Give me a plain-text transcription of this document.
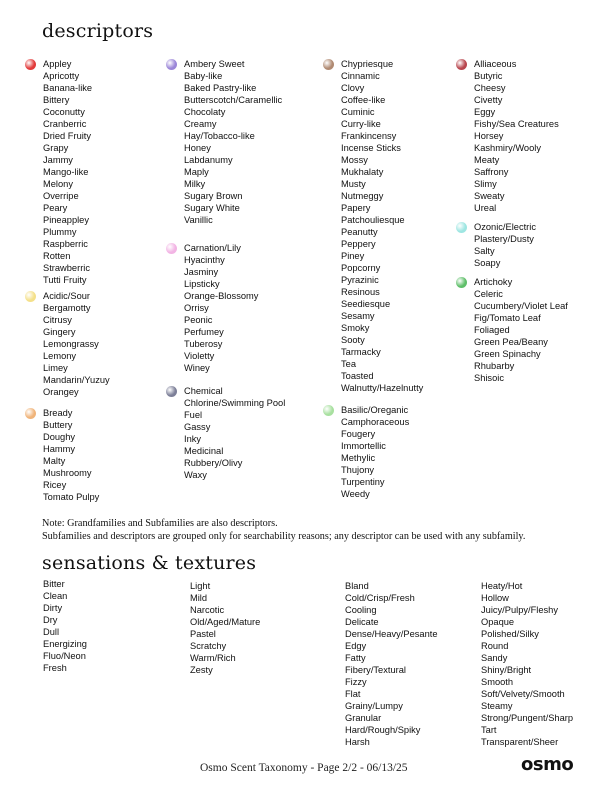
descriptors
Appley
Apricotty
Banana-like
Bittery
Coconutty
Cranberric
Dried Fruity
Grapy
Jammy
Mango-like
Melony
Overripe
Peary
Pineappley
Plummy
Raspberric
Rotten
Strawberric
Tutti Fruity
Acidic/Sour
Bergamotty
Citrusy
Gingery
Lemongrassy
Lemony
Limey
Mandarin/Yuzuy
Orangey
Bready
Buttery
Doughy
Hammy
Malty
Mushroomy
Ricey
Tomato Pulpy
Ambery Sweet
Baby-like
Baked Pastry-like
Butterscotch/Caramellic
Chocolaty
Creamy
Hay/Tobacco-like
Honey
Labdanumy
Maply
Milky
Sugary Brown
Sugary White
Vanillic
Carnation/Lily
Hyacinthy
Jasminy
Lipsticky
Orange-Blossomy
Orrisy
Peonic
Perfumey
Tuberosy
Violetty
Winey
Chemical
Chlorine/Swimming Pool
Fuel
Gassy
Inky
Medicinal
Rubbery/Olivy
Waxy
Chypriesque
Cinnamic
Clovy
Coffee-like
Cuminic
Curry-like
Frankincensy
Incense Sticks
Mossy
Mukhalaty
Musty
Nutmeggy
Papery
Patchouliesque
Peanutty
Peppery
Piney
Popcorny
Pyrazinic
Resinous
Seediesque
Sesamy
Smoky
Sooty
Tarmacky
Tea
Toasted
Walnutty/Hazelnutty
Basilic/Oreganic
Camphoraceous
Fougery
Immortellic
Methylic
Thujony
Turpentiny
Weedy
Alliaceous
Butyric
Cheesy
Civetty
Eggy
Fishy/Sea Creatures
Horsey
Kashmiry/Wooly
Meaty
Saffrony
Slimy
Sweaty
Ureal
Ozonic/Electric
Plastery/Dusty
Salty
Soapy
Artichoky
Celeric
Cucumbery/Violet Leaf
Fig/Tomato Leaf
Foliaged
Green Pea/Beany
Green Spinachy
Rhubarby
Shisoic
Note: Grandfamilies and Subfamilies are also descriptors.
Subfamilies and descriptors are grouped only for searchability reasons; any descriptor can be used with any subfamily.
sensations & textures
Bitter
Clean
Dirty
Dry
Dull
Energizing
Fluo/Neon
Fresh
Light
Mild
Narcotic
Old/Aged/Mature
Pastel
Scratchy
Warm/Rich
Zesty
Bland
Cold/Crisp/Fresh
Cooling
Delicate
Dense/Heavy/Pesante
Edgy
Fatty
Fibery/Textural
Fizzy
Flat
Grainy/Lumpy
Granular
Hard/Rough/Spiky
Harsh
Heaty/Hot
Hollow
Juicy/Pulpy/Fleshy
Opaque
Polished/Silky
Round
Sandy
Shiny/Bright
Smooth
Soft/Velvety/Smooth
Steamy
Strong/Pungent/Sharp
Tart
Transparent/Sheer
Osmo Scent Taxonomy - Page 2/2 - 06/13/25	osmo
